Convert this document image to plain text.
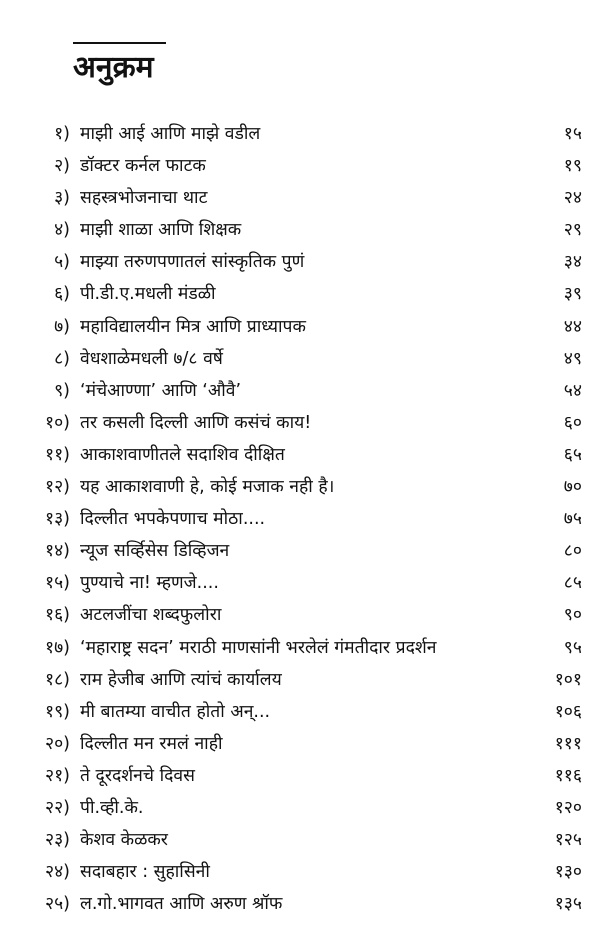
अनुक्रम
१) माझी आई आणि माझे वडील	१५
२) डॉक्टर कर्नल फाटक	१९
३) सहस्त्रभोजनाचा थाट	२४
४) माझी शाळा आणि शिक्षक	२९
५) माझ्या तरुणपणातलं सांस्कृतिक पुणं	३४
६) पी.डी.ए.मधली मंडळी	३९
७) महाविद्यालयीन मित्र आणि प्राध्यापक	४४
८) वेधशाळेमधली ७/८ वर्षे	४९
९) ‘मंचेआण्णा’ आणि ‘औवै’	५४
१०) तर कसली दिल्ली आणि कसंचं काय!	६०
११) आकाशवाणीतले सदाशिव दीक्षित	६५
१२) यह आकाशवाणी हे, कोई मजाक नही है।	७०
१३) दिल्लीत भपकेपणाच मोठा....	७५
१४) न्यूज सर्व्हिसेस डिव्हिजन	८०
१५) पुण्याचे ना! म्हणजे....	८५
१६) अटलजींचा शब्दफुलोरा	९०
१७) ‘महाराष्ट्र सदन’ मराठी माणसांनी भरलेलं गंमतीदार प्रदर्शन	९५
१८) राम हेजीब आणि त्यांचं कार्यालय	१०१
१९) मी बातम्या वाचीत होतो अन्...	१०६
२०) दिल्लीत मन रमलं नाही	१११
२१) ते दूरदर्शनचे दिवस	११६
२२) पी.व्ही.के.	१२०
२३) केशव केळकर	१२५
२४) सदाबहार : सुहासिनी	१३०
२५) ल.गो.भागवत आणि अरुण श्रॉफ	१३५
